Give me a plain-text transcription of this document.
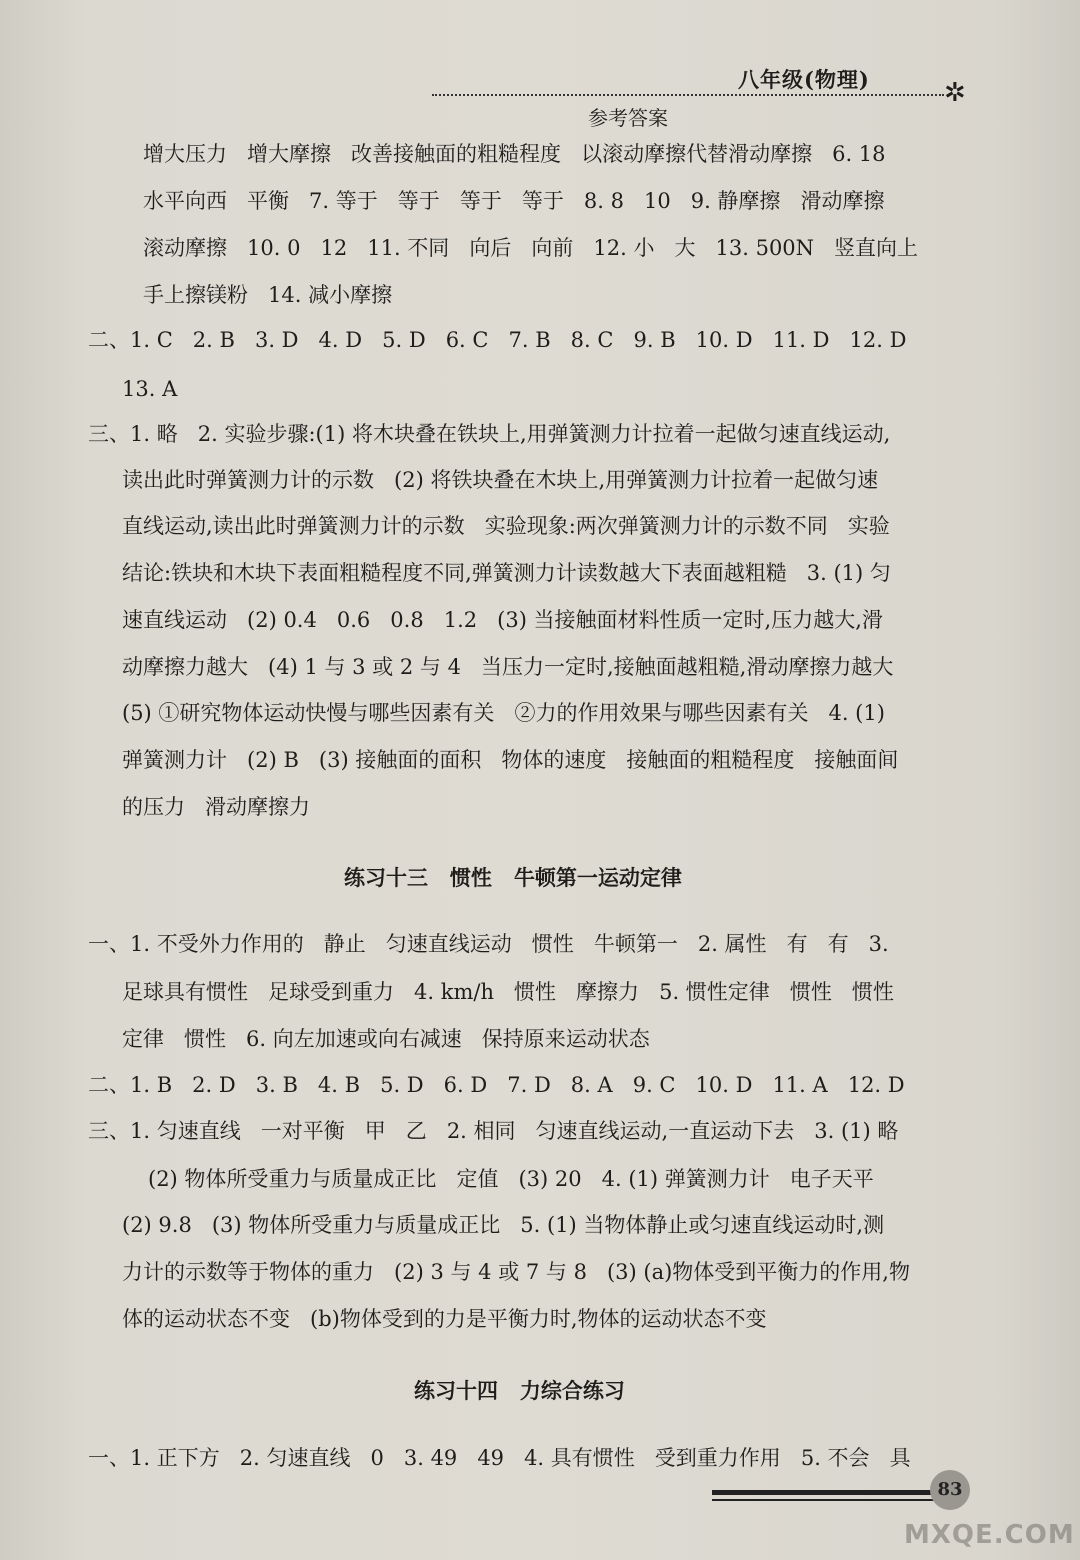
八年级(物理)	✲
参考答案
增大压力   增大摩擦   改善接触面的粗糙程度   以滚动摩擦代替滑动摩擦   6. 18
水平向西   平衡   7. 等于   等于   等于   等于   8. 8   10   9. 静摩擦   滑动摩擦
滚动摩擦   10. 0   12   11. 不同   向后   向前   12. 小   大   13. 500N   竖直向上
手上擦镁粉   14. 减小摩擦
二、1. C   2. B   3. D   4. D   5. D   6. C   7. B   8. C   9. B   10. D   11. D   12. D
13. A
三、1. 略   2. 实验步骤:(1) 将木块叠在铁块上,用弹簧测力计拉着一起做匀速直线运动,
读出此时弹簧测力计的示数   (2) 将铁块叠在木块上,用弹簧测力计拉着一起做匀速
直线运动,读出此时弹簧测力计的示数   实验现象:两次弹簧测力计的示数不同   实验
结论:铁块和木块下表面粗糙程度不同,弹簧测力计读数越大下表面越粗糙   3. (1) 匀
速直线运动   (2) 0.4   0.6   0.8   1.2   (3) 当接触面材料性质一定时,压力越大,滑
动摩擦力越大   (4) 1 与 3 或 2 与 4   当压力一定时,接触面越粗糙,滑动摩擦力越大
(5) ①研究物体运动快慢与哪些因素有关   ②力的作用效果与哪些因素有关   4. (1)
弹簧测力计   (2) B   (3) 接触面的面积   物体的速度   接触面的粗糙程度   接触面间
的压力   滑动摩擦力
练习十三   惯性   牛顿第一运动定律
一、1. 不受外力作用的   静止   匀速直线运动   惯性   牛顿第一   2. 属性   有   有   3.
足球具有惯性   足球受到重力   4. km/h   惯性   摩擦力   5. 惯性定律   惯性   惯性
定律   惯性   6. 向左加速或向右减速   保持原来运动状态
二、1. B   2. D   3. B   4. B   5. D   6. D   7. D   8. A   9. C   10. D   11. A   12. D
三、1. 匀速直线   一对平衡   甲   乙   2. 相同   匀速直线运动,一直运动下去   3. (1) 略
(2) 物体所受重力与质量成正比   定值   (3) 20   4. (1) 弹簧测力计   电子天平
(2) 9.8   (3) 物体所受重力与质量成正比   5. (1) 当物体静止或匀速直线运动时,测
力计的示数等于物体的重力   (2) 3 与 4 或 7 与 8   (3) (a)物体受到平衡力的作用,物
体的运动状态不变   (b)物体受到的力是平衡力时,物体的运动状态不变
练习十四   力综合练习
一、1. 正下方   2. 匀速直线   0   3. 49   49   4. 具有惯性   受到重力作用   5. 不会   具
83
MXQE.COM
